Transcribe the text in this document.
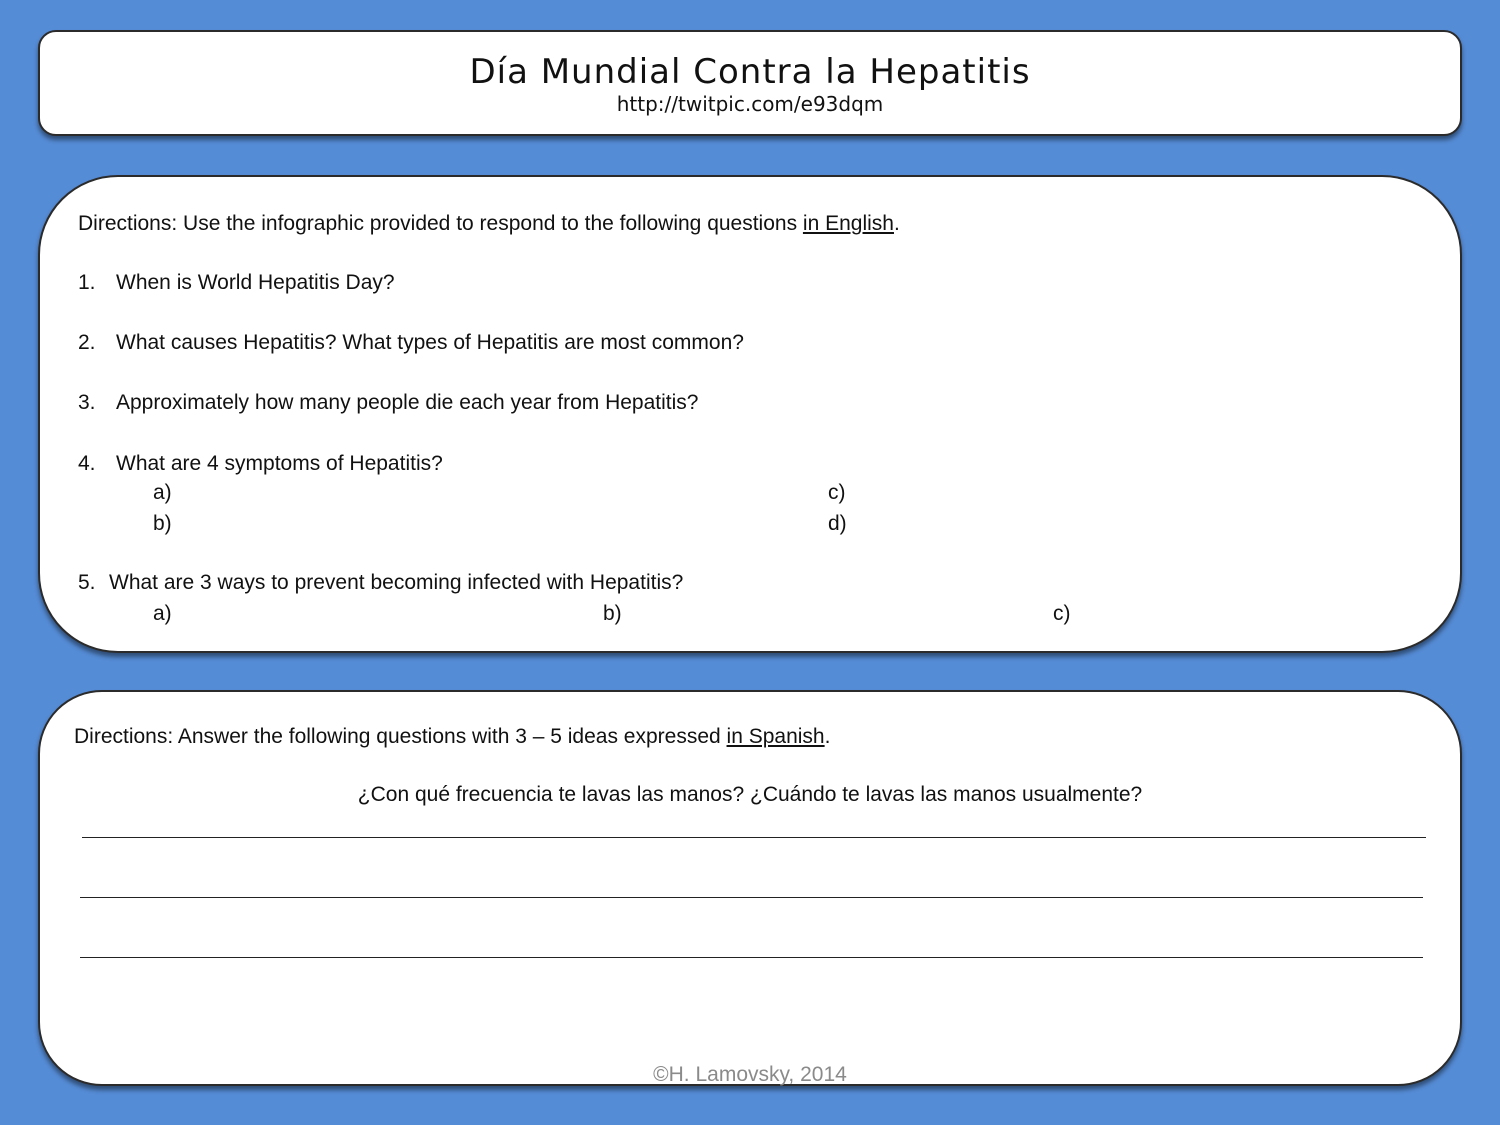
Día Mundial Contra la Hepatitis
http://twitpic.com/e93dqm
Directions: Use the infographic provided to respond to the following questions in English.
1. When is World Hepatitis Day?
2. What causes Hepatitis? What types of Hepatitis are most common?
3. Approximately how many people die each year from Hepatitis?
4. What are 4 symptoms of Hepatitis?
a)
b)
c)
d)
5. What are 3 ways to prevent becoming infected with Hepatitis?
a)	b)	c)
Directions: Answer the following questions with 3 – 5 ideas expressed in Spanish.
¿Con qué frecuencia te lavas las manos? ¿Cuándo te lavas las manos usualmente?
©H. Lamovsky, 2014
